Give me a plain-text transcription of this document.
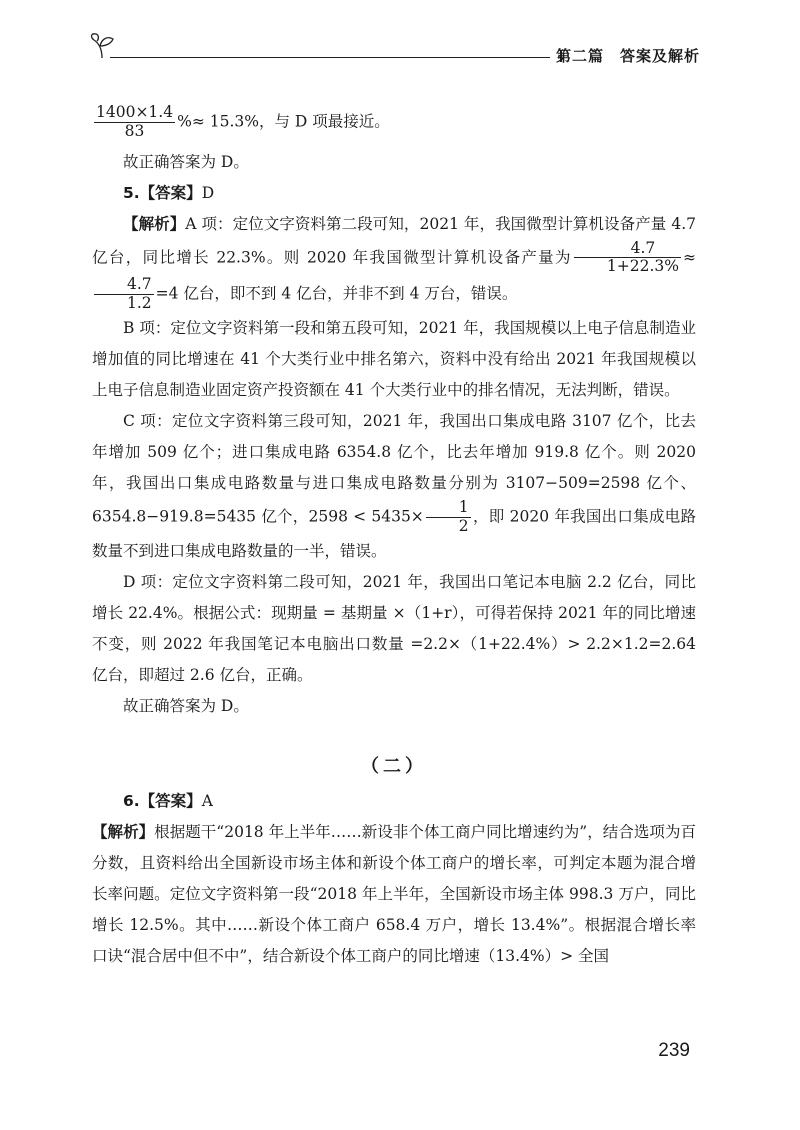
第二篇　答案及解析

$\frac{1400\times 1.4}{83}$ %≈ 15.3%，与 D 项最接近。

故正确答案为 D。

5.【答案】D

【解析】A 项：定位文字资料第二段可知，2021 年，我国微型计算机设备产量 4.7 亿台，同比增长 22.3%。则 2020 年我国微型计算机设备产量为 $\frac{4.7}{1+22.3\%}$ ≈
$\frac{4.7}{1.2} =4$ 亿台，即不到 4 亿台，并非不到 4 万台，错误。

B 项：定位文字资料第一段和第五段可知，2021 年，我国规模以上电子信息制造业增加值的同比增速在 41 个大类行业中排名第六，资料中没有给出 2021 年我国规模以上电子信息制造业固定资产投资额在 41 个大类行业中的排名情况，无法判断，错误。

C 项：定位文字资料第三段可知，2021 年，我国出口集成电路 3107 亿个，比去年增加 509 亿个；进口集成电路 6354.8 亿个，比去年增加 919.8 亿个。则 2020 年，我国出口集成电路数量与进口集成电路数量分别为 3107−509=2598 亿个、6354.8−919.8=5435 亿个，$2598 < 5435\times \frac{1}{2}$ ，即 2020 年我国出口集成电路数量不到进口集成电路数量的一半，错误。

D 项：定位文字资料第二段可知，2021 年，我国出口笔记本电脑 2.2 亿台，同比增长 22.4%。根据公式：现期量 = 基期量 ×（1+r），可得若保持 2021 年的同比增速不变，则 2022 年我国笔记本电脑出口数量 =2.2×（1+22.4%）> 2.2×1.2=2.64 亿台，即超过 2.6 亿台，正确。

故正确答案为 D。

（二）

6.【答案】A

【解析】根据题干“2018 年上半年……新设非个体工商户同比增速约为”，结合选项为百分数，且资料给出全国新设市场主体和新设个体工商户的增长率，可判定本题为混合增长率问题。定位文字资料第一段“2018 年上半年，全国新设市场主体 998.3 万户，同比增长 12.5%。其中……新设个体工商户 658.4 万户，增长 13.4%”。根据混合增长率口诀“混合居中但不中”，结合新设个体工商户的同比增速（13.4%）> 全国

239
